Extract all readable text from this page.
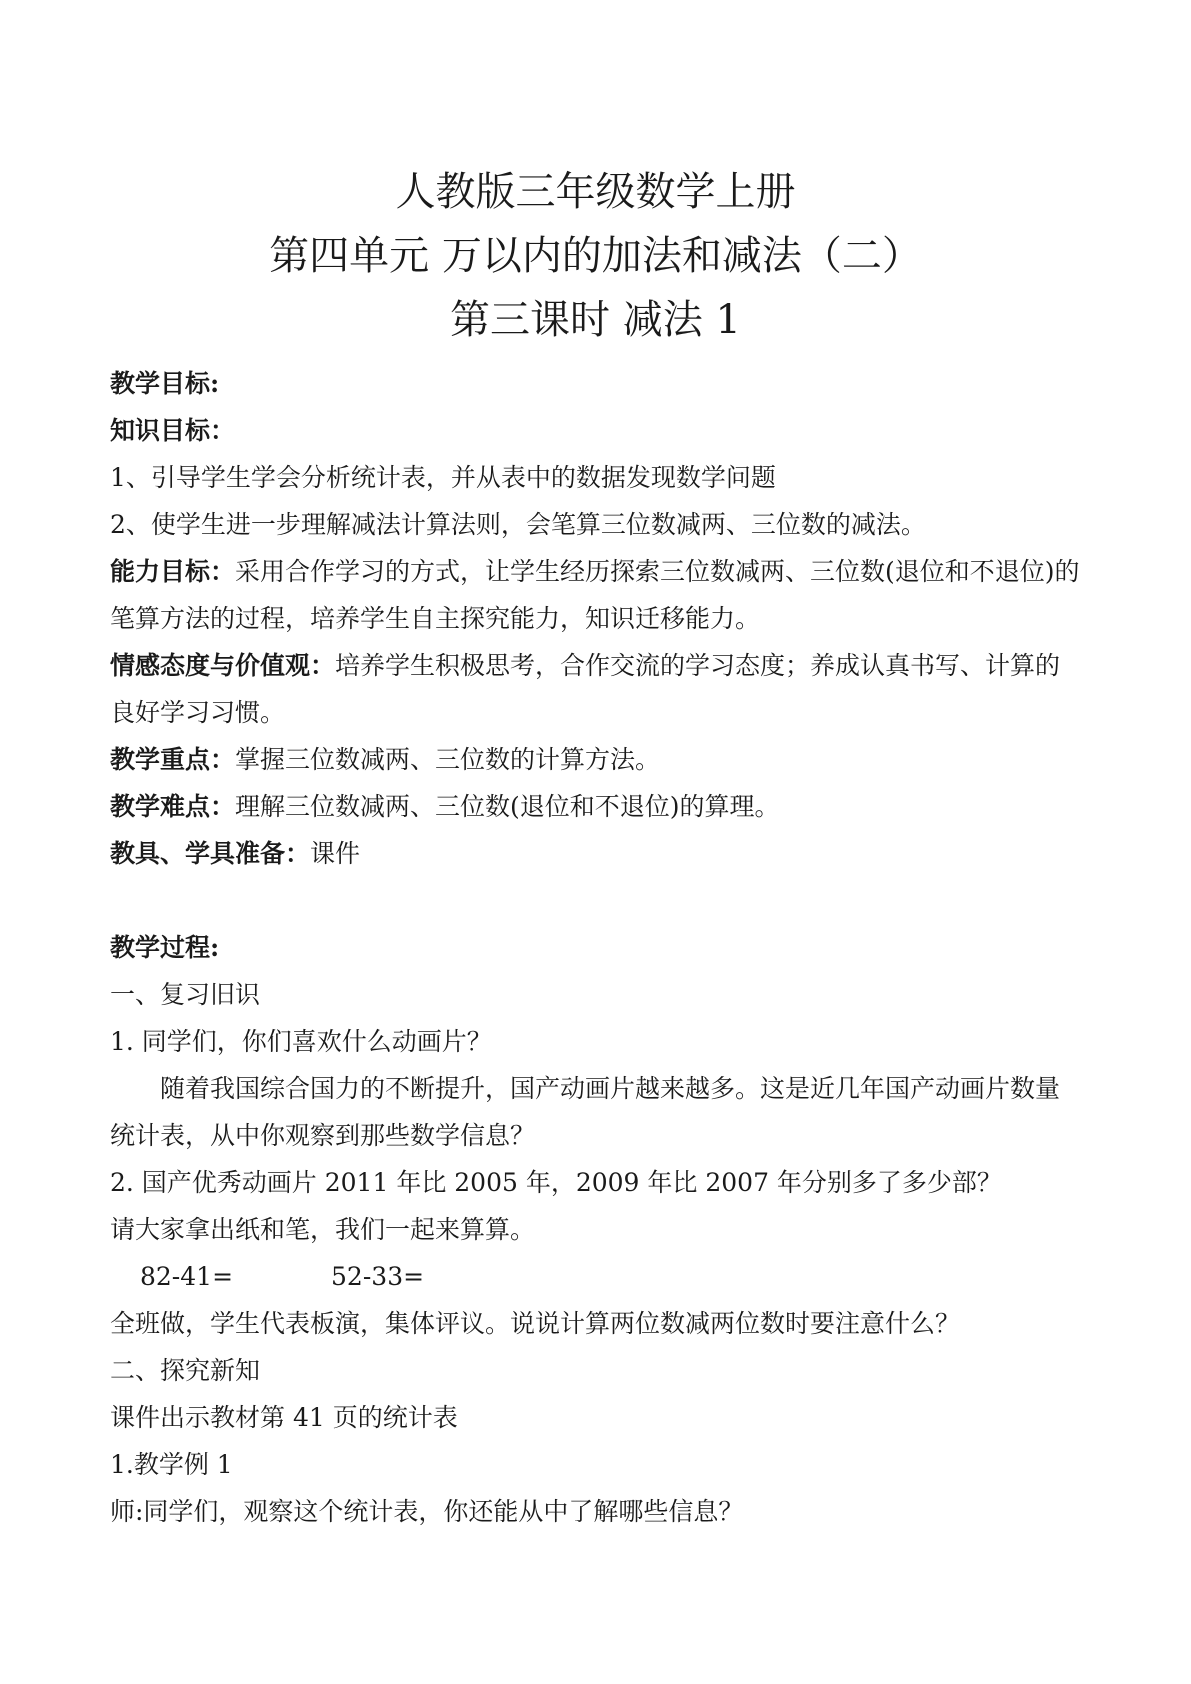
人教版三年级数学上册
第四单元 万以内的加法和减法（二）
第三课时 减法 1

教学目标:

知识目标：

1、引导学生学会分析统计表，并从表中的数据发现数学问题

2、使学生进一步理解减法计算法则，会笔算三位数减两、三位数的减法。

能力目标：采用合作学习的方式，让学生经历探索三位数减两、三位数(退位和不退位)的笔算方法的过程，培养学生自主探究能力，知识迁移能力。

情感态度与价值观：培养学生积极思考，合作交流的学习态度；养成认真书写、计算的良好学习习惯。

教学重点：掌握三位数减两、三位数的计算方法。

教学难点：理解三位数减两、三位数(退位和不退位)的算理。

教具、学具准备：课件

教学过程:

一、复习旧识

1. 同学们，你们喜欢什么动画片？

随着我国综合国力的不断提升，国产动画片越来越多。这是近几年国产动画片数量统计表，从中你观察到那些数学信息？

2. 国产优秀动画片 2011 年比 2005 年，2009 年比 2007 年分别多了多少部？

请大家拿出纸和笔，我们一起来算算。

82-41=	52-33=

全班做，学生代表板演，集体评议。说说计算两位数减两位数时要注意什么？

二、探究新知

课件出示教材第 41 页的统计表

1.教学例 1

师:同学们，观察这个统计表，你还能从中了解哪些信息？
